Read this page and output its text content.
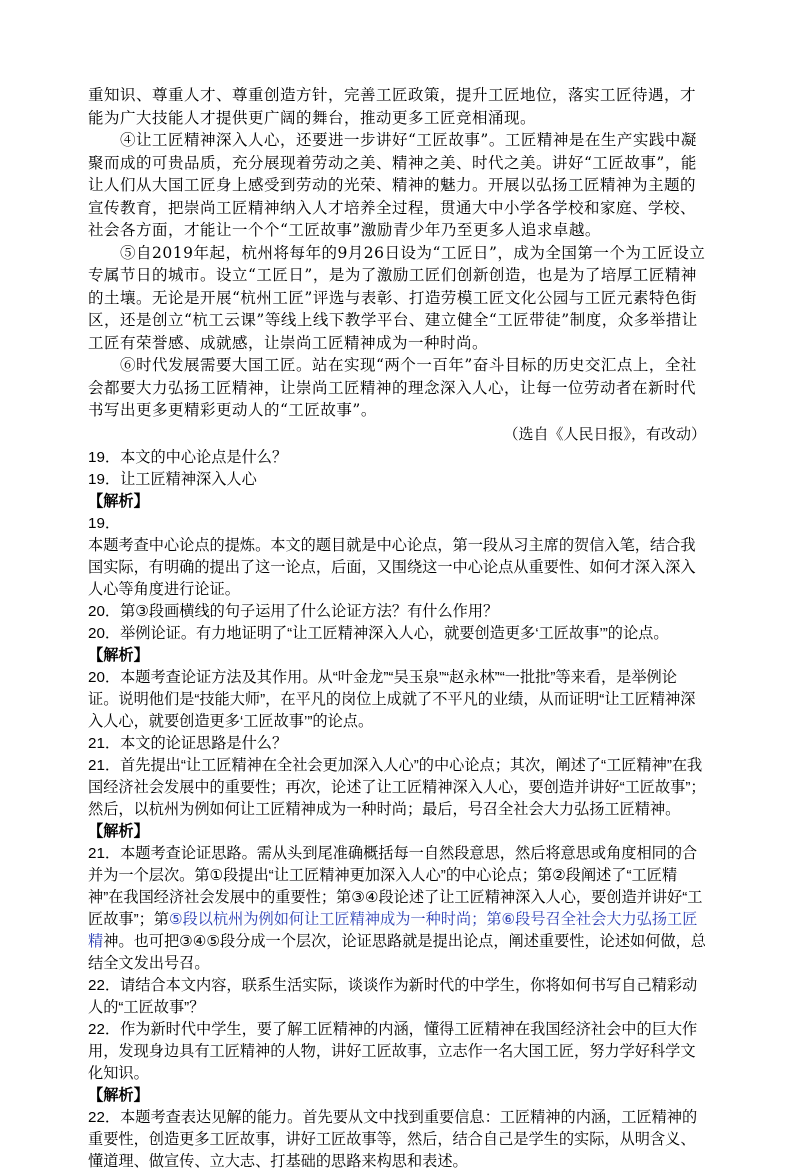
重知识、尊重人才、尊重创造方针，完善工匠政策，提升工匠地位，落实工匠待遇，才能为广大技能人才提供更广阔的舞台，推动更多工匠竞相涌现。

④让工匠精神深入人心，还要进一步讲好“工匠故事”。工匠精神是在生产实践中凝聚而成的可贵品质，充分展现着劳动之美、精神之美、时代之美。讲好“工匠故事”，能让人们从大国工匠身上感受到劳动的光荣、精神的魅力。开展以弘扬工匠精神为主题的宣传教育，把崇尚工匠精神纳入人才培养全过程，贯通大中小学各学校和家庭、学校、社会各方面，才能让一个个“工匠故事”激励青少年乃至更多人追求卓越。

⑤自2019年起，杭州将每年的9月26日设为“工匠日”，成为全国第一个为工匠设立专属节日的城市。设立“工匠日”，是为了激励工匠们创新创造，也是为了培厚工匠精神的土壤。无论是开展“杭州工匠”评选与表彰、打造劳模工匠文化公园与工匠元素特色街区，还是创立“杭工云课”等线上线下教学平台、建立健全“工匠带徒”制度，众多举措让工匠有荣誉感、成就感，让崇尚工匠精神成为一种时尚。

⑥时代发展需要大国工匠。站在实现“两个一百年”奋斗目标的历史交汇点上，全社会都要大力弘扬工匠精神，让崇尚工匠精神的理念深入人心，让每一位劳动者在新时代书写出更多更精彩更动人的“工匠故事”。

（选自《人民日报》，有改动）

19．本文的中心论点是什么？

19．让工匠精神深入人心

【解析】

19．

本题考查中心论点的提炼。本文的题目就是中心论点，第一段从习主席的贺信入笔，结合我国实际，有明确的提出了这一论点，后面，又围绕这一中心论点从重要性、如何才深入深入人心等角度进行论证。

20．第③段画横线的句子运用了什么论证方法？有什么作用？

20．举例论证。有力地证明了“让工匠精神深入人心，就要创造更多‘工匠故事’”的论点。

【解析】

20．本题考查论证方法及其作用。从“叶金龙”“吴玉泉”“赵永林”“一批批”等来看，是举例论证。说明他们是“技能大师”，在平凡的岗位上成就了不平凡的业绩，从而证明“让工匠精神深入人心，就要创造更多‘工匠故事’”的论点。

21．本文的论证思路是什么？

21．首先提出“让工匠精神在全社会更加深入人心”的中心论点；其次，阐述了“工匠精神”在我国经济社会发展中的重要性；再次，论述了让工匠精神深入人心，要创造并讲好“工匠故事”；然后，以杭州为例如何让工匠精神成为一种时尚；最后，号召全社会大力弘扬工匠精神。

【解析】

21．本题考查论证思路。需从头到尾准确概括每一自然段意思，然后将意思或角度相同的合并为一个层次。第①段提出“让工匠精神更加深入人心”的中心论点；第②段阐述了“工匠精神”在我国经济社会发展中的重要性；第③④段论述了让工匠精神深入人心，要创造并讲好“工匠故事”；第⑤段以杭州为例如何让工匠精神成为一种时尚；第⑥段号召全社会大力弘扬工匠精神。也可把③④⑤段分成一个层次，论证思路就是提出论点，阐述重要性，论述如何做，总结全文发出号召。

22．请结合本文内容，联系生活实际，谈谈作为新时代的中学生，你将如何书写自己精彩动人的“工匠故事”？

22．作为新时代中学生，要了解工匠精神的内涵，懂得工匠精神在我国经济社会中的巨大作用，发现身边具有工匠精神的人物，讲好工匠故事，立志作一名大国工匠，努力学好科学文化知识。

【解析】

22．本题考查表达见解的能力。首先要从文中找到重要信息：工匠精神的内涵，工匠精神的重要性，创造更多工匠故事，讲好工匠故事等，然后，结合自己是学生的实际，从明含义、懂道理、做宣传、立大志、打基础的思路来构思和表述。
